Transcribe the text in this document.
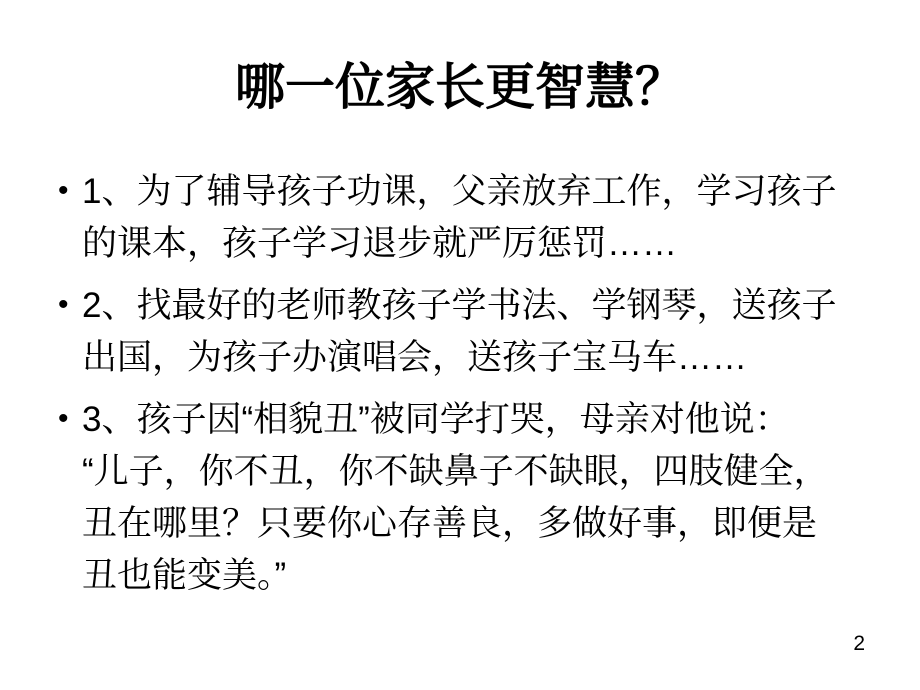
哪一位家长更智慧？
• 1、为了辅导孩子功课，父亲放弃工作，学习孩子
的课本，孩子学习退步就严厉惩罚……
• 2、找最好的老师教孩子学书法、学钢琴，送孩子
出国，为孩子办演唱会，送孩子宝马车……
• 3、孩子因“相貌丑”被同学打哭，母亲对他说：
“儿子，你不丑，你不缺鼻子不缺眼，四肢健全，
丑在哪里？只要你心存善良，多做好事，即便是
丑也能变美。”
2
